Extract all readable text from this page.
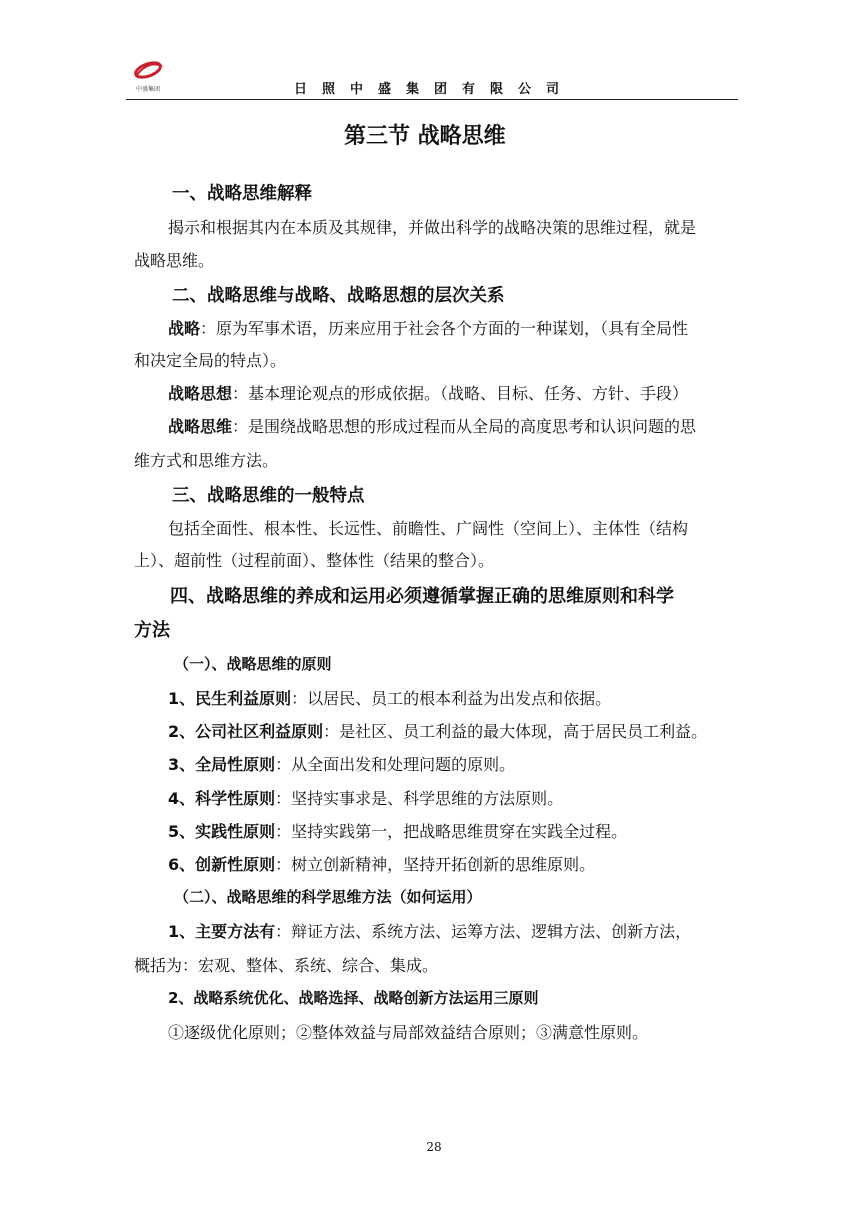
中盛集团	日照中盛集团有限公司
第三节 战略思维
一、战略思维解释
揭示和根据其内在本质及其规律，并做出科学的战略决策的思维过程，就是
战略思维。
二、战略思维与战略、战略思想的层次关系
战略：原为军事术语，历来应用于社会各个方面的一种谋划，（具有全局性
和决定全局的特点）。
战略思想：基本理论观点的形成依据。（战略、目标、任务、方针、手段）
战略思维：是围绕战略思想的形成过程而从全局的高度思考和认识问题的思
维方式和思维方法。
三、战略思维的一般特点
包括全面性、根本性、长远性、前瞻性、广阔性（空间上）、主体性（结构
上）、超前性（过程前面）、整体性（结果的整合）。
四、战略思维的养成和运用必须遵循掌握正确的思维原则和科学
方法
（一）、战略思维的原则
1、民生利益原则：以居民、员工的根本利益为出发点和依据。
2、公司社区利益原则：是社区、员工利益的最大体现，高于居民员工利益。
3、全局性原则：从全面出发和处理问题的原则。
4、科学性原则：坚持实事求是、科学思维的方法原则。
5、实践性原则：坚持实践第一，把战略思维贯穿在实践全过程。
6、创新性原则：树立创新精神，坚持开拓创新的思维原则。
（二）、战略思维的科学思维方法（如何运用）
1、主要方法有：辩证方法、系统方法、运筹方法、逻辑方法、创新方法，
概括为：宏观、整体、系统、综合、集成。
2、战略系统优化、战略选择、战略创新方法运用三原则
①逐级优化原则；②整体效益与局部效益结合原则；③满意性原则。
28
